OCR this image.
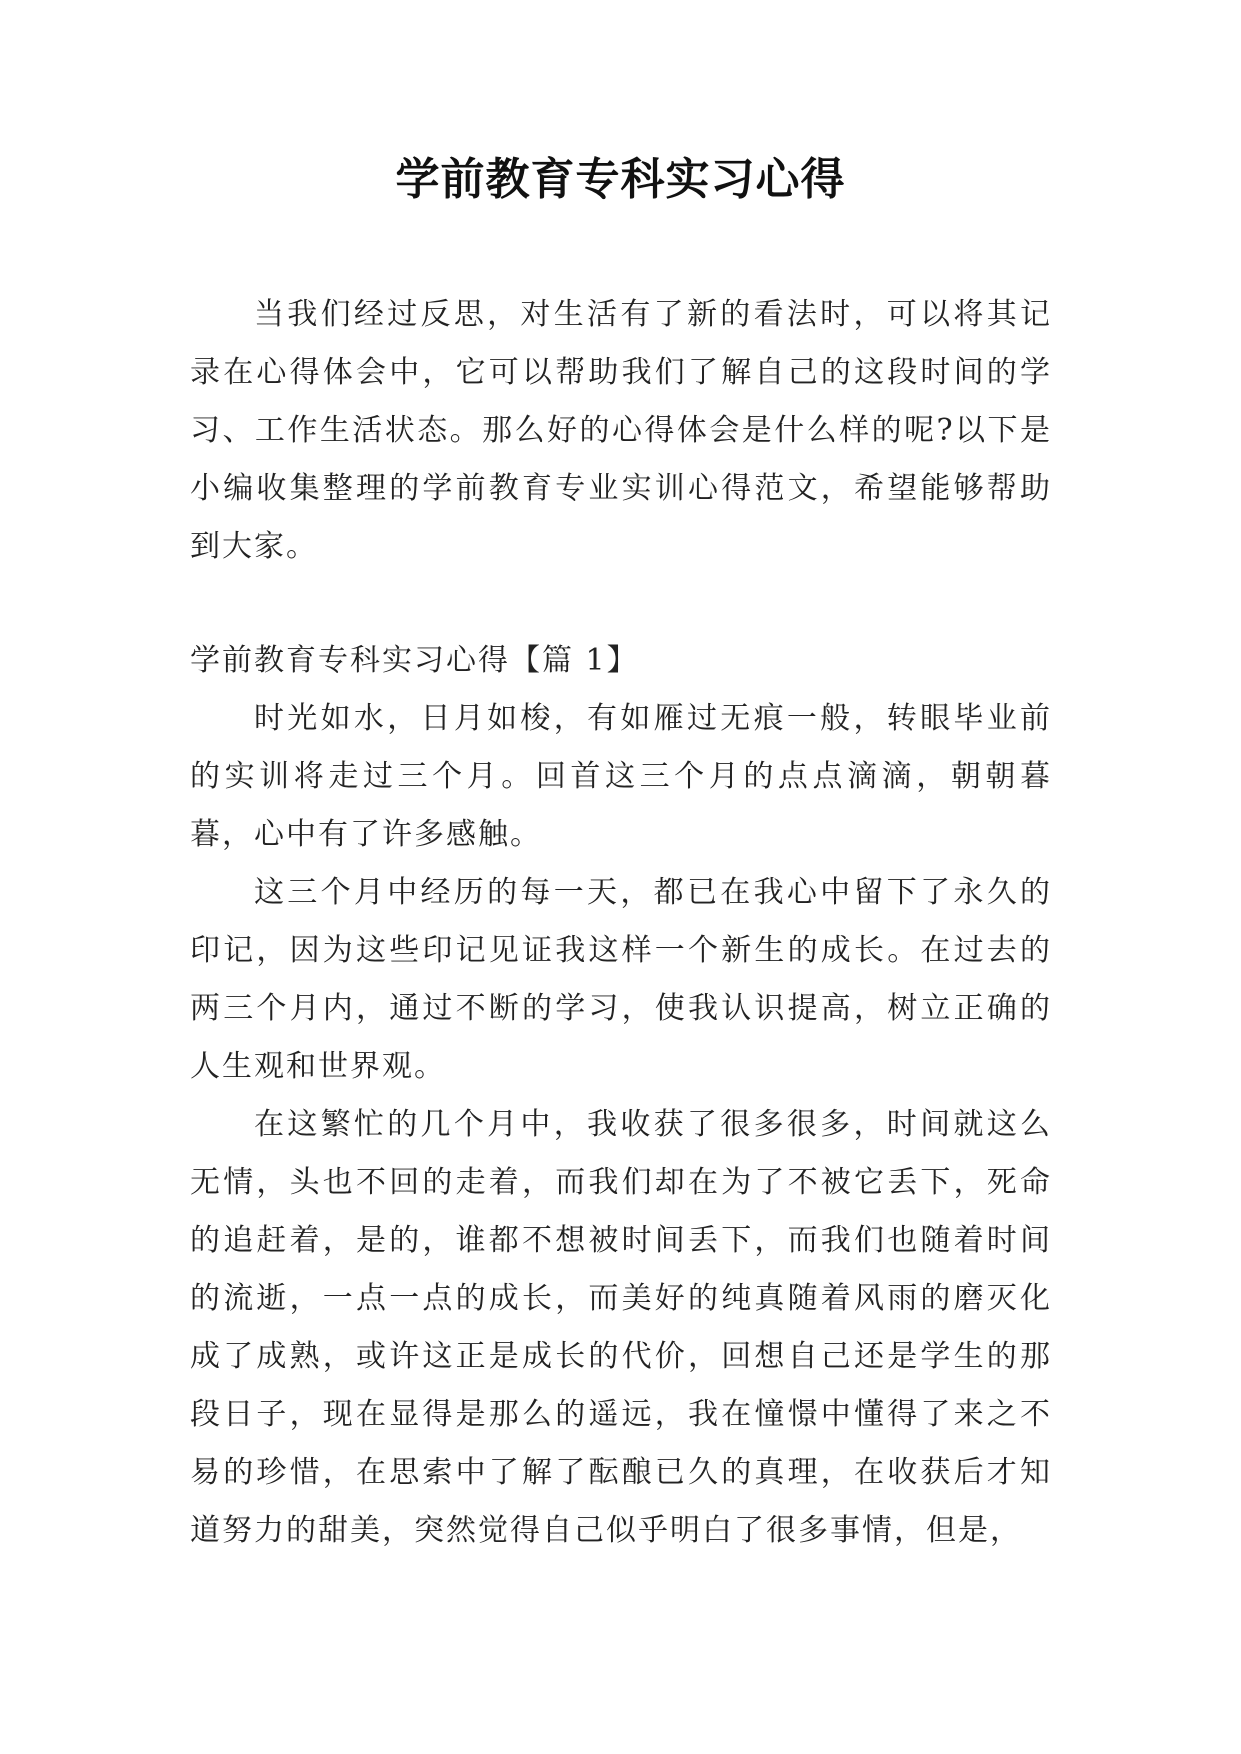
学前教育专科实习心得

当我们经过反思，对生活有了新的看法时，可以将其记录在心得体会中，它可以帮助我们了解自己的这段时间的学习、工作生活状态。那么好的心得体会是什么样的呢?以下是小编收集整理的学前教育专业实训心得范文，希望能够帮助到大家。

学前教育专科实习心得【篇 1】

时光如水，日月如梭，有如雁过无痕一般，转眼毕业前的实训将走过三个月。回首这三个月的点点滴滴，朝朝暮暮，心中有了许多感触。

这三个月中经历的每一天，都已在我心中留下了永久的印记，因为这些印记见证我这样一个新生的成长。在过去的两三个月内，通过不断的学习，使我认识提高，树立正确的人生观和世界观。

在这繁忙的几个月中，我收获了很多很多，时间就这么无情，头也不回的走着，而我们却在为了不被它丢下，死命的追赶着，是的，谁都不想被时间丢下，而我们也随着时间的流逝，一点一点的成长，而美好的纯真随着风雨的磨灭化成了成熟，或许这正是成长的代价，回想自己还是学生的那段日子，现在显得是那么的遥远，我在憧憬中懂得了来之不易的珍惜，在思索中了解了酝酿已久的真理，在收获后才知道努力的甜美，突然觉得自己似乎明白了很多事情，但是，
